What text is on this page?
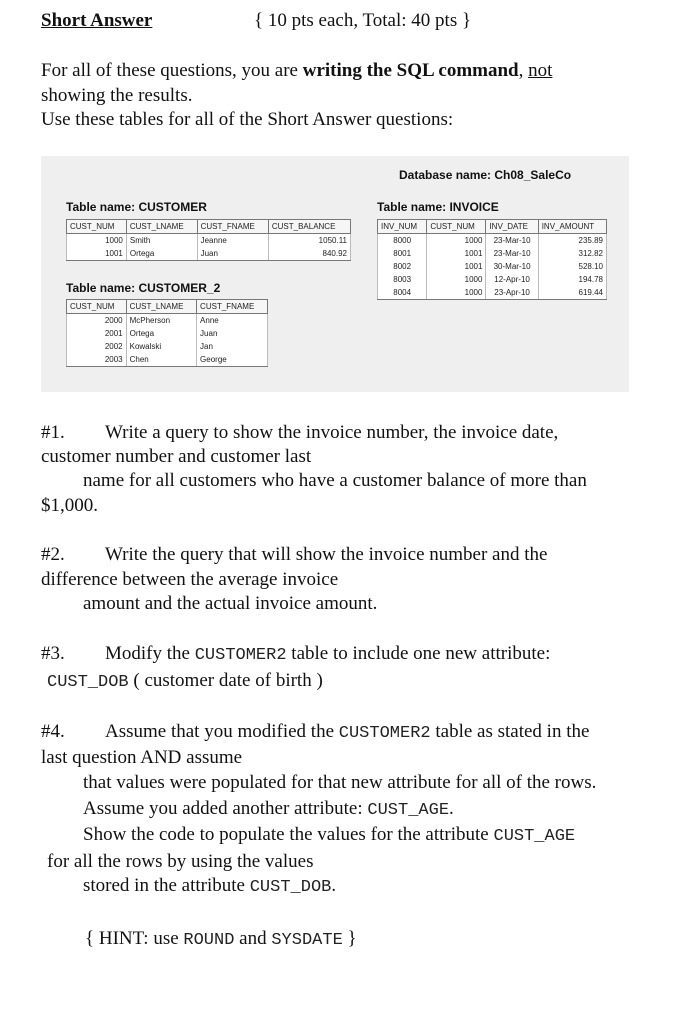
Short Answer	{ 10 pts each, Total: 40 pts }
For all of these questions, you are writing the SQL command, not
showing the results.
Use these tables for all of the Short Answer questions:
Database name: Ch08_SaleCo
Table name: CUSTOMER
CUST_NUM	CUST_LNAME	CUST_FNAME	CUST_BALANCE
1000	Smith	Jeanne	1050.11
1001	Ortega	Juan	840.92
Table name: CUSTOMER_2
CUST_NUM	CUST_LNAME	CUST_FNAME
2000	McPherson	Anne
2001	Ortega	Juan
2002	Kowalski	Jan
2003	Chen	George
Table name: INVOICE
INV_NUM	CUST_NUM	INV_DATE	INV_AMOUNT
8000	1000	23-Mar-10	235.89
8001	1001	23-Mar-10	312.82
8002	1001	30-Mar-10	528.10
8003	1000	12-Apr-10	194.78
8004	1000	23-Apr-10	619.44
#1. Write a query to show the invoice number, the invoice date,
customer number and customer last
name for all customers who have a customer balance of more than
$1,000.
#2. Write the query that will show the invoice number and the
difference between the average invoice
amount and the actual invoice amount.
#3. Modify the CUSTOMER2 table to include one new attribute:
CUST_DOB ( customer date of birth )
#4. Assume that you modified the CUSTOMER2 table as stated in the
last question AND assume
that values were populated for that new attribute for all of the rows.
Assume you added another attribute: CUST_AGE.
Show the code to populate the values for the attribute CUST_AGE
for all the rows by using the values
stored in the attribute CUST_DOB.
{ HINT: use ROUND and SYSDATE }
